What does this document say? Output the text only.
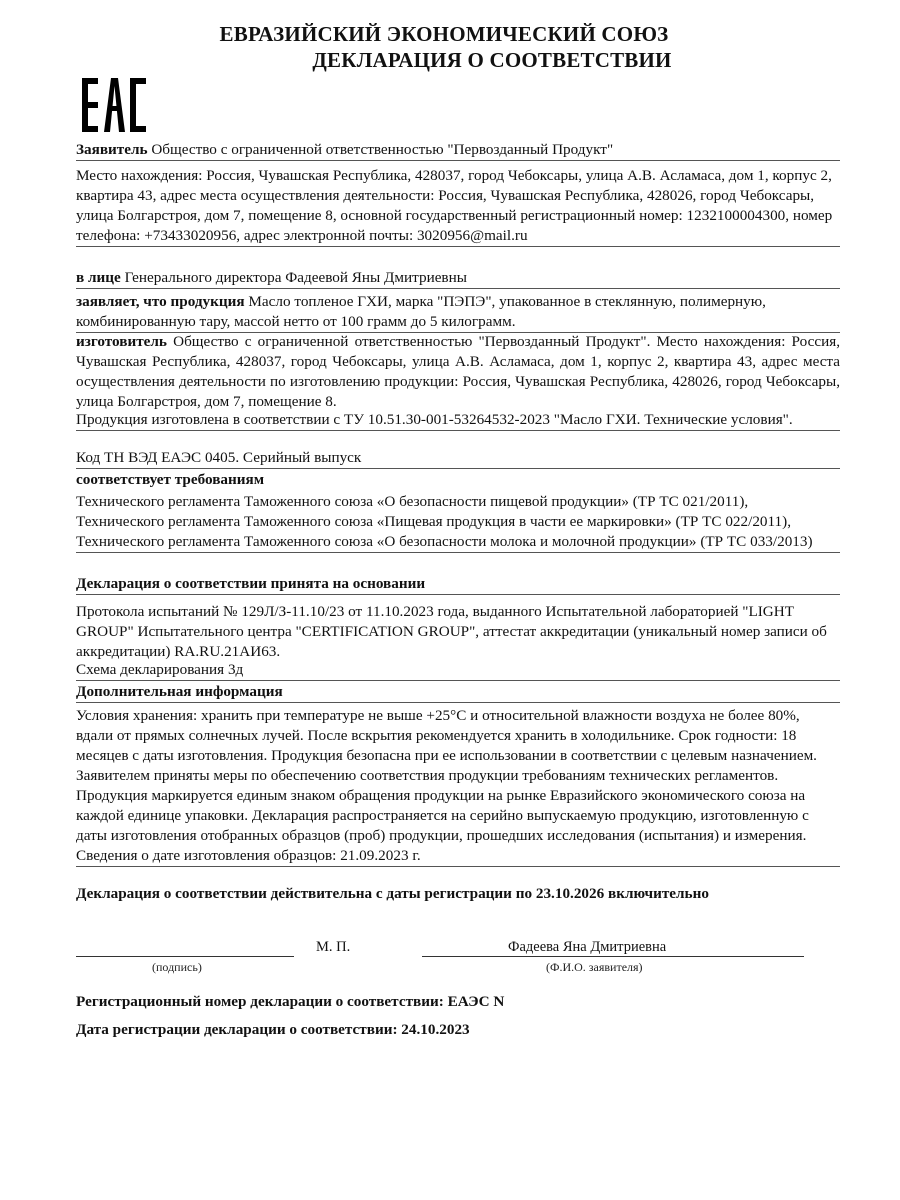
ЕВРАЗИЙСКИЙ ЭКОНОМИЧЕСКИЙ СОЮЗ
ДЕКЛАРАЦИЯ О СООТВЕТСТВИИ
Заявитель Общество с ограниченной ответственностью "Первозданный Продукт"
Место нахождения: Россия, Чувашская Республика, 428037, город Чебоксары, улица А.В. Асламаса, дом 1, корпус 2, квартира 43, адрес места осуществления деятельности: Россия, Чувашская Республика, 428026, город Чебоксары, улица Болгарстроя, дом 7, помещение 8, основной государственный регистрационный номер: 1232100004300, номер телефона: +73433020956, адрес электронной почты: 3020956@mail.ru
в лице Генерального директора Фадеевой Яны Дмитриевны
заявляет, что продукция Масло топленое ГХИ, марка "ПЭПЭ", упакованное в стеклянную, полимерную, комбинированную тару, массой нетто от 100 грамм до 5 килограмм.
изготовитель Общество с ограниченной ответственностью "Первозданный Продукт". Место нахождения: Россия, Чувашская Республика, 428037, город Чебоксары, улица А.В. Асламаса, дом 1, корпус 2, квартира 43, адрес места осуществления деятельности по изготовлению продукции: Россия, Чувашская Республика, 428026, город Чебоксары, улица Болгарстроя, дом 7, помещение 8.
Продукция изготовлена в соответствии с ТУ 10.51.30-001-53264532-2023 "Масло ГХИ. Технические условия".
Код ТН ВЭД ЕАЭС 0405. Серийный выпуск
соответствует требованиям
Технического регламента Таможенного союза «О безопасности пищевой продукции» (ТР ТС 021/2011), Технического регламента Таможенного союза «Пищевая продукция в части ее маркировки» (ТР ТС 022/2011), Технического регламента Таможенного союза «О безопасности молока и молочной продукции» (ТР ТС 033/2013)
Декларация о соответствии принята на основании
Протокола испытаний № 129Л/З-11.10/23 от 11.10.2023 года, выданного Испытательной лабораторией "LIGHT GROUP" Испытательного центра "CERTIFICATION GROUP", аттестат аккредитации (уникальный номер записи об аккредитации) RA.RU.21АИ63.
Схема декларирования 3д
Дополнительная информация
Условия хранения: хранить при температуре не выше +25°С и относительной влажности воздуха не более 80%, вдали от прямых солнечных лучей. После вскрытия рекомендуется хранить в холодильнике. Срок годности: 18 месяцев с даты изготовления. Продукция безопасна при ее использовании в соответствии с целевым назначением. Заявителем приняты меры по обеспечению соответствия продукции требованиям технических регламентов. Продукция маркируется единым знаком обращения продукции на рынке Евразийского экономического союза на каждой единице упаковки. Декларация распространяется на серийно выпускаемую продукцию, изготовленную с даты изготовления отобранных образцов (проб) продукции, прошедших исследования (испытания) и измерения. Сведения о дате изготовления образцов: 21.09.2023 г.
Декларация о соответствии действительна с даты регистрации по 23.10.2026 включительно
М. П.	Фадеева Яна Дмитриевна
(подпись)	(Ф.И.О. заявителя)
Регистрационный номер декларации о соответствии: ЕАЭС N
Дата регистрации декларации о соответствии: 24.10.2023
